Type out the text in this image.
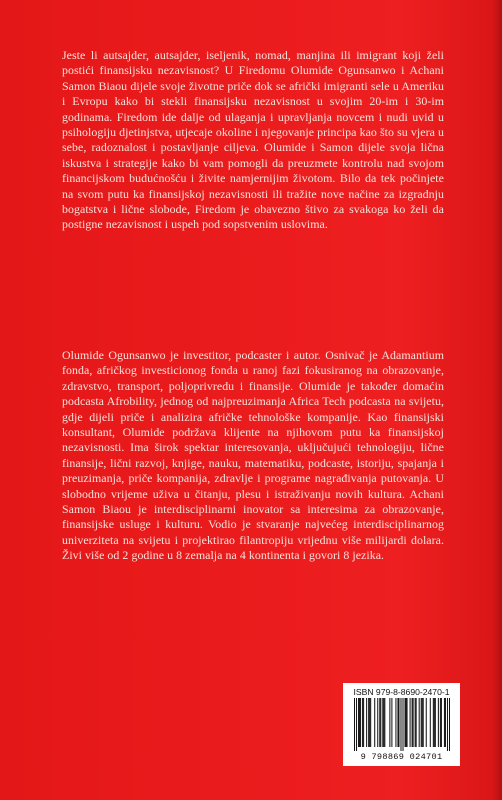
Jeste li autsajder, autsajder, iseljenik, nomad, manjina ili imigrant koji želi postići finansijsku nezavisnost? U Firedomu Olumide Ogunsanwo i Achani Samon Biaou dijele svoje životne priče dok se afrički imigranti sele u Ameriku i Evropu kako bi stekli finansijsku nezavisnost u svojim 20-im i 30-im godinama. Firedom ide dalje od ulaganja i upravljanja novcem i nudi uvid u psihologiju djetinjstva, utjecaje okoline i njegovanje principa kao što su vjera u sebe, radoznalost i postavljanje ciljeva. Olumide i Samon dijele svoja lična iskustva i strategije kako bi vam pomogli da preuzmete kontrolu nad svojom financijskom budućnošću i živite namjernijim životom. Bilo da tek počinjete na svom putu ka finansijskoj nezavisnosti ili tražite nove načine za izgradnju bogatstva i lične slobode, Firedom je obavezno štivo za svakoga ko želi da postigne nezavisnost i uspeh pod sopstvenim uslovima.

Olumide Ogunsanwo je investitor, podcaster i autor. Osnivač je Adamantium fonda, afričkog investicionog fonda u ranoj fazi fokusiranog na obrazovanje, zdravstvo, transport, poljoprivredu i finansije. Olumide je također domaćin podcasta Afrobility, jednog od najpreuzimanja Africa Tech podcasta na svijetu, gdje dijeli priče i analizira afričke tehnološke kompanije. Kao finansijski konsultant, Olumide podržava klijente na njihovom putu ka finansijskoj nezavisnosti. Ima širok spektar interesovanja, uključujući tehnologiju, lične finansije, lični razvoj, knjige, nauku, matematiku, podcaste, istoriju, spajanja i preuzimanja, priče kompanija, zdravlje i programe nagrađivanja putovanja. U slobodno vrijeme uživa u čitanju, plesu i istraživanju novih kultura. Achani Samon Biaou je interdisciplinarni inovator sa interesima za obrazovanje, finansijske usluge i kulturu. Vodio je stvaranje najvećeg interdisciplinarnog univerziteta na svijetu i projektirao filantropiju vrijednu više milijardi dolara. Živi više od 2 godine u 8 zemalja na 4 kontinenta i govori 8 jezika.

ISBN 979-8-8690-2470-1
9 798869 024701
